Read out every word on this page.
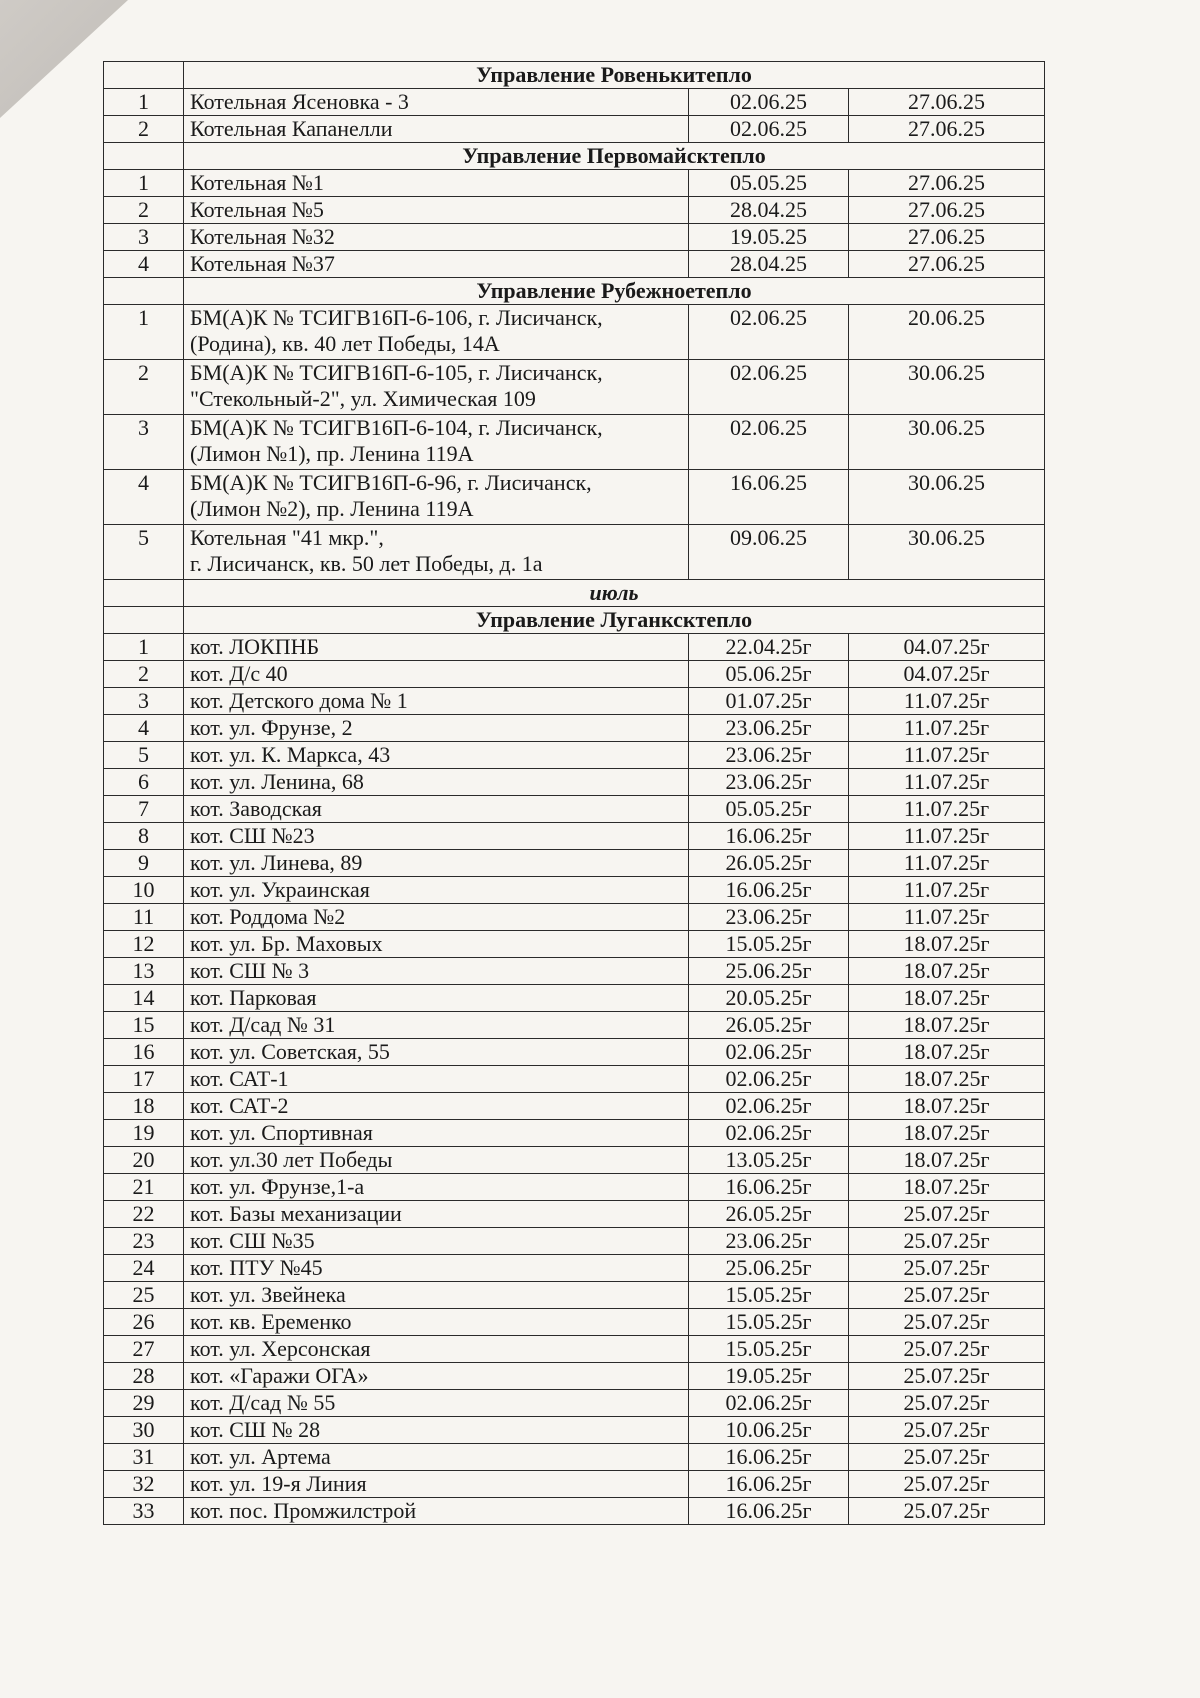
	Управление Ровенькитепло		
1	Котельная Ясеновка - 3	02.06.25	27.06.25
2	Котельная Капанелли	02.06.25	27.06.25
	Управление Первомайсктепло		
1	Котельная №1	05.05.25	27.06.25
2	Котельная №5	28.04.25	27.06.25
3	Котельная №32	19.05.25	27.06.25
4	Котельная №37	28.04.25	27.06.25
	Управление Рубежноетепло		
1	БМ(А)К № ТСИГВ16П-6-106, г. Лисичанск,
(Родина), кв. 40 лет Победы, 14А	02.06.25	20.06.25
2	БМ(А)К № ТСИГВ16П-6-105, г. Лисичанск,
"Стекольный-2", ул. Химическая 109	02.06.25	30.06.25
3	БМ(А)К № ТСИГВ16П-6-104, г. Лисичанск,
(Лимон №1), пр. Ленина 119А	02.06.25	30.06.25
4	БМ(А)К № ТСИГВ16П-6-96, г. Лисичанск,
(Лимон №2), пр. Ленина 119А	16.06.25	30.06.25
5	Котельная "41 мкр.",
г. Лисичанск, кв. 50 лет Победы, д. 1а	09.06.25	30.06.25
	июль		
	Управление Луганксктепло		
1	кот. ЛОКПНБ	22.04.25г	04.07.25г
2	кот. Д/с 40	05.06.25г	04.07.25г
3	кот. Детского дома № 1	01.07.25г	11.07.25г
4	кот. ул. Фрунзе, 2	23.06.25г	11.07.25г
5	кот. ул. К. Маркса, 43	23.06.25г	11.07.25г
6	кот. ул. Ленина, 68	23.06.25г	11.07.25г
7	кот. Заводская	05.05.25г	11.07.25г
8	кот. СШ №23	16.06.25г	11.07.25г
9	кот. ул. Линева, 89	26.05.25г	11.07.25г
10	кот. ул. Украинская	16.06.25г	11.07.25г
11	кот. Роддома №2	23.06.25г	11.07.25г
12	кот. ул. Бр. Маховых	15.05.25г	18.07.25г
13	кот. СШ № 3	25.06.25г	18.07.25г
14	кот. Парковая	20.05.25г	18.07.25г
15	кот. Д/сад № 31	26.05.25г	18.07.25г
16	кот. ул. Советская, 55	02.06.25г	18.07.25г
17	кот. САТ-1	02.06.25г	18.07.25г
18	кот. САТ-2	02.06.25г	18.07.25г
19	кот. ул. Спортивная	02.06.25г	18.07.25г
20	кот. ул.30 лет Победы	13.05.25г	18.07.25г
21	кот. ул. Фрунзе,1-а	16.06.25г	18.07.25г
22	кот. Базы механизации	26.05.25г	25.07.25г
23	кот. СШ №35	23.06.25г	25.07.25г
24	кот. ПТУ №45	25.06.25г	25.07.25г
25	кот. ул. Звейнека	15.05.25г	25.07.25г
26	кот. кв. Еременко	15.05.25г	25.07.25г
27	кот. ул. Херсонская	15.05.25г	25.07.25г
28	кот. «Гаражи ОГА»	19.05.25г	25.07.25г
29	кот. Д/сад № 55	02.06.25г	25.07.25г
30	кот. СШ № 28	10.06.25г	25.07.25г
31	кот. ул. Артема	16.06.25г	25.07.25г
32	кот. ул. 19-я Линия	16.06.25г	25.07.25г
33	кот. пос. Промжилстрой	16.06.25г	25.07.25г
